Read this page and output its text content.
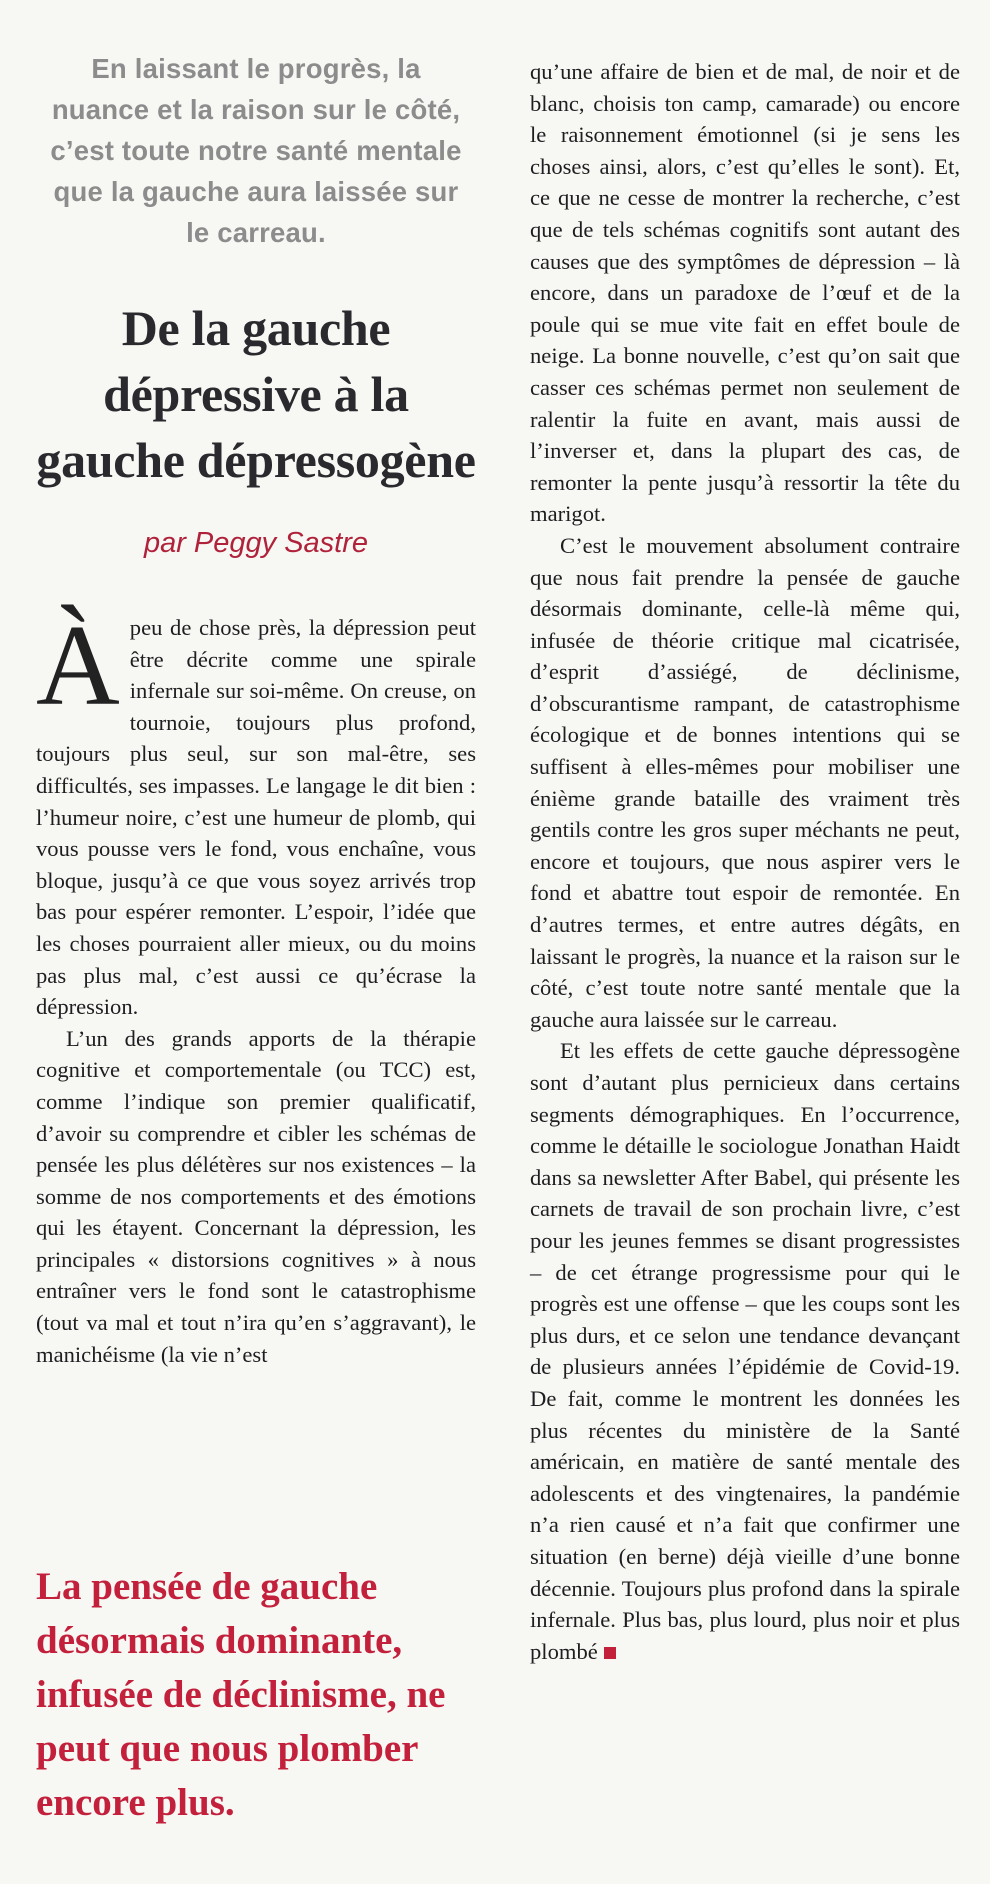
En laissant le progrès, la nuance et la raison sur le côté, c’est toute notre santé mentale que la gauche aura laissée sur le carreau.
De la gauche dépressive à la gauche dépressogène
par Peggy Sastre

À peu de chose près, la dépression peut être décrite comme une spirale infernale sur soi-même. On creuse, on tournoie, toujours plus profond, toujours plus seul, sur son mal-être, ses difficultés, ses impasses. Le langage le dit bien : l’humeur noire, c’est une humeur de plomb, qui vous pousse vers le fond, vous enchaîne, vous bloque, jusqu’à ce que vous soyez arrivés trop bas pour espérer remonter. L’espoir, l’idée que les choses pourraient aller mieux, ou du moins pas plus mal, c’est aussi ce qu’écrase la dépression.

L’un des grands apports de la thérapie cognitive et comportementale (ou TCC) est, comme l’indique son premier qualificatif, d’avoir su comprendre et cibler les schémas de pensée les plus délétères sur nos existences – la somme de nos comportements et des émotions qui les étayent. Concernant la dépression, les principales « distorsions cognitives » à nous entraîner vers le fond sont le catastrophisme (tout va mal et tout n’ira qu’en s’aggravant), le manichéisme (la vie n’est

La pensée de gauche désormais dominante, infusée de déclinisme, ne peut que nous plomber encore plus.

qu’une affaire de bien et de mal, de noir et de blanc, choisis ton camp, camarade) ou encore le raisonnement émotionnel (si je sens les choses ainsi, alors, c’est qu’elles le sont). Et, ce que ne cesse de montrer la recherche, c’est que de tels schémas cognitifs sont autant des causes que des symptômes de dépression – là encore, dans un paradoxe de l’œuf et de la poule qui se mue vite fait en effet boule de neige. La bonne nouvelle, c’est qu’on sait que casser ces schémas permet non seulement de ralentir la fuite en avant, mais aussi de l’inverser et, dans la plupart des cas, de remonter la pente jusqu’à ressortir la tête du marigot.

C’est le mouvement absolument contraire que nous fait prendre la pensée de gauche désormais dominante, celle-là même qui, infusée de théorie critique mal cicatrisée, d’esprit d’assiégé, de déclinisme, d’obscurantisme rampant, de catastrophisme écologique et de bonnes intentions qui se suffisent à elles-mêmes pour mobiliser une énième grande bataille des vraiment très gentils contre les gros super méchants ne peut, encore et toujours, que nous aspirer vers le fond et abattre tout espoir de remontée. En d’autres termes, et entre autres dégâts, en laissant le progrès, la nuance et la raison sur le côté, c’est toute notre santé mentale que la gauche aura laissée sur le carreau.

Et les effets de cette gauche dépressogène sont d’autant plus pernicieux dans certains segments démographiques. En l’occurrence, comme le détaille le sociologue Jonathan Haidt dans sa newsletter After Babel, qui présente les carnets de travail de son prochain livre, c’est pour les jeunes femmes se disant progressistes – de cet étrange progressisme pour qui le progrès est une offense – que les coups sont les plus durs, et ce selon une tendance devançant de plusieurs années l’épidémie de Covid-19. De fait, comme le montrent les données les plus récentes du ministère de la Santé américain, en matière de santé mentale des adolescents et des vingtenaires, la pandémie n’a rien causé et n’a fait que confirmer une situation (en berne) déjà vieille d’une bonne décennie. Toujours plus profond dans la spirale infernale. Plus bas, plus lourd, plus noir et plus plombé
